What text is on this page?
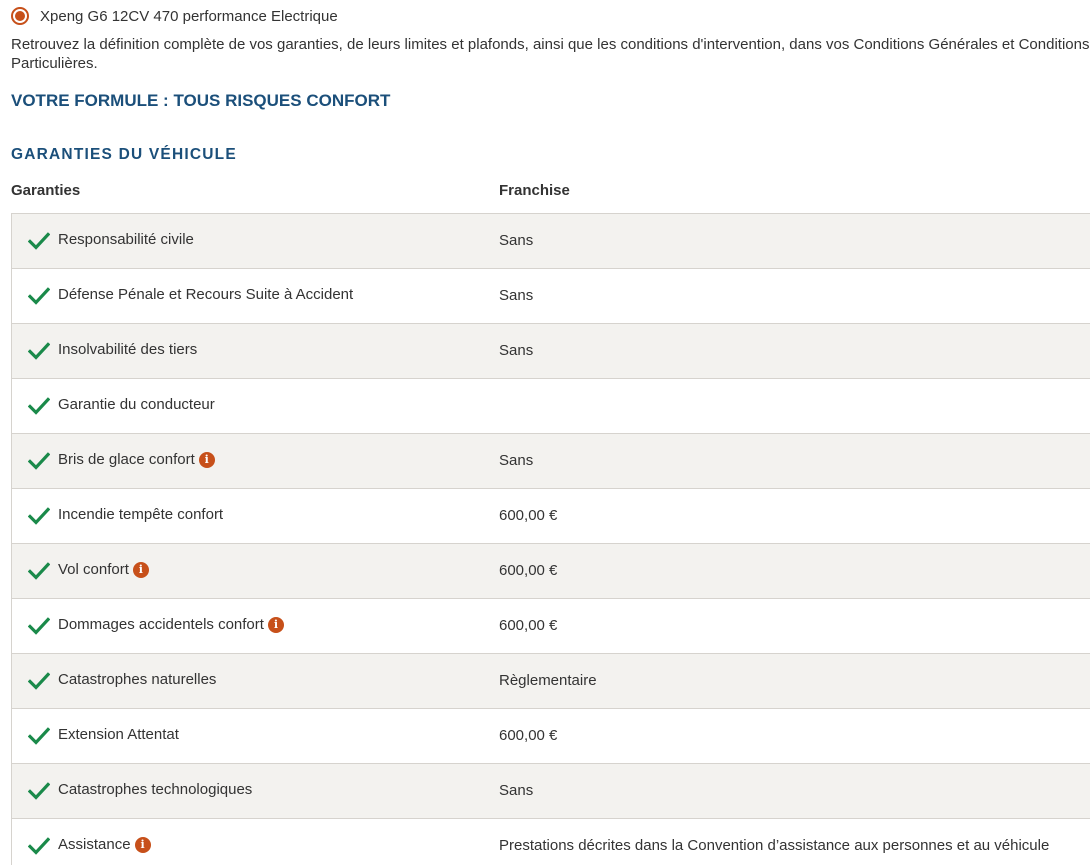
Xpeng G6 12CV 470 performance Electrique
Retrouvez la définition complète de vos garanties, de leurs limites et plafonds, ainsi que les conditions d'intervention, dans vos Conditions Générales et Conditions Particulières.
VOTRE FORMULE : TOUS RISQUES CONFORT
GARANTIES DU VÉHICULE
Garanties	Franchise
Responsabilité civile	Sans
Défense Pénale et Recours Suite à Accident	Sans
Insolvabilité des tiers	Sans
Garantie du conducteur
Bris de glace confort i	Sans
Incendie tempête confort	600,00 €
Vol confort i	600,00 €
Dommages accidentels confort i	600,00 €
Catastrophes naturelles	Règlementaire
Extension Attentat	600,00 €
Catastrophes technologiques	Sans
Assistance i	Prestations décrites dans la Convention d’assistance aux personnes et au véhicule
